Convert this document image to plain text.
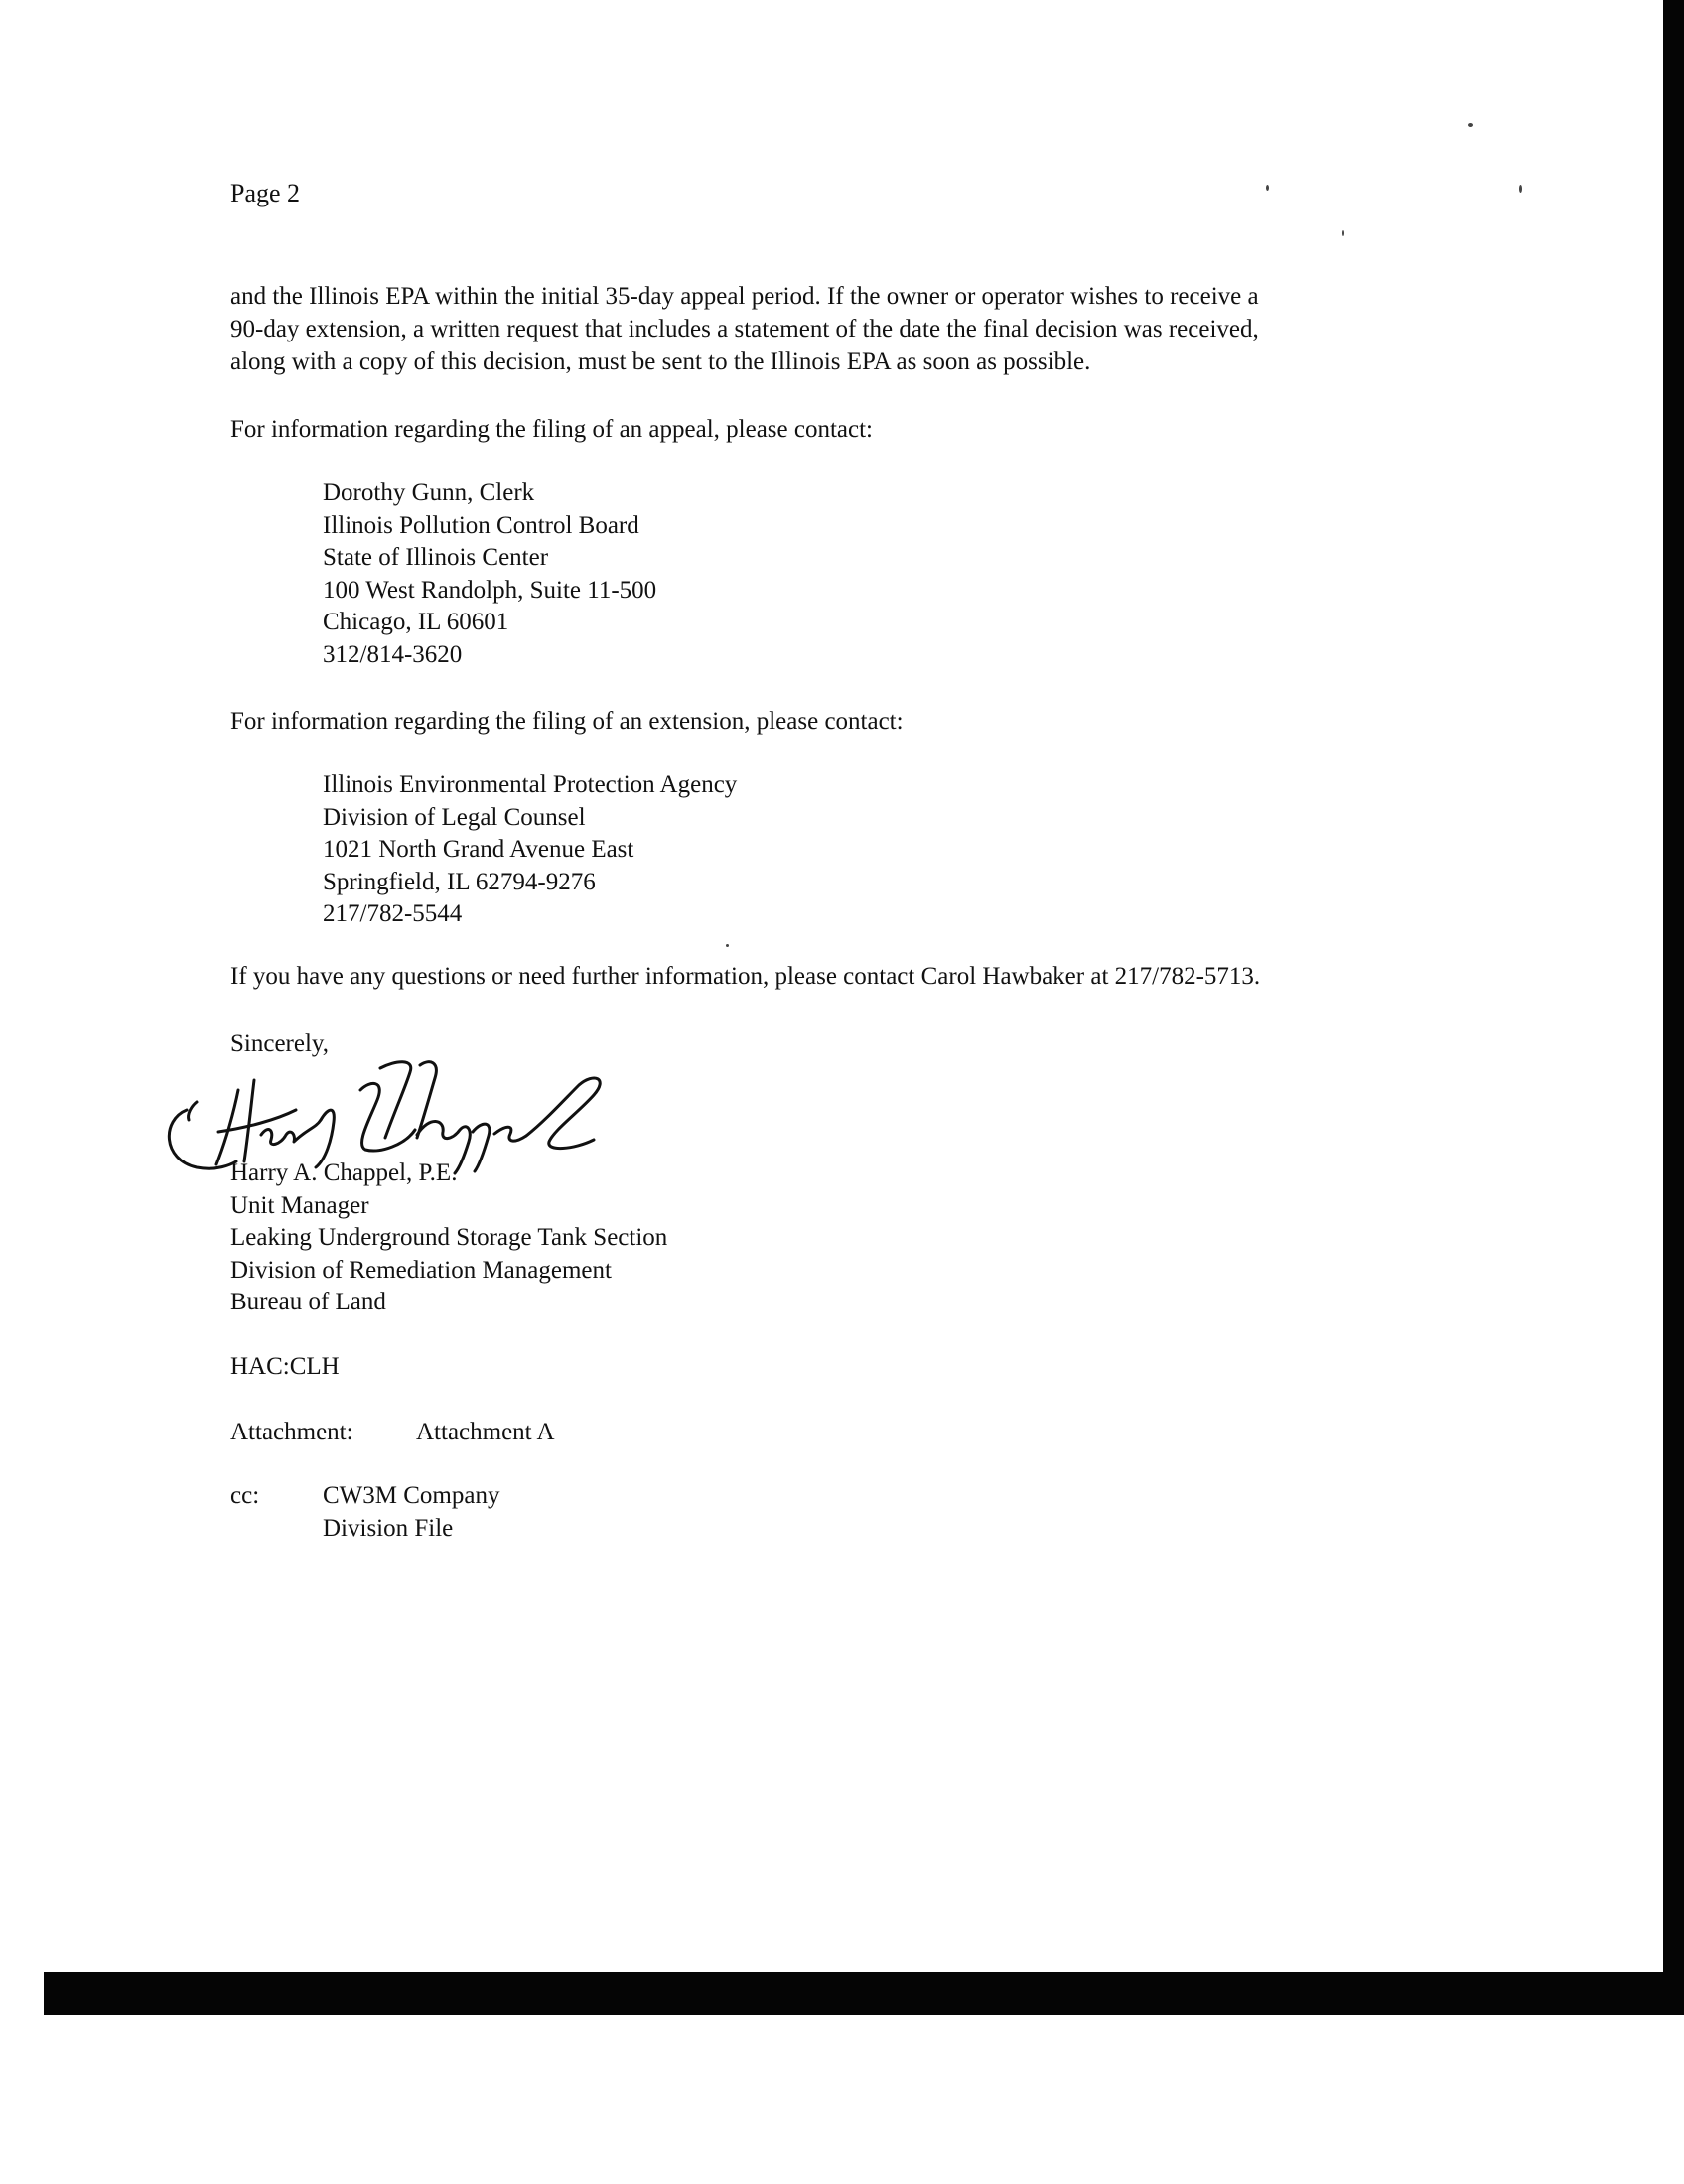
Page 2
and the Illinois EPA within the initial 35-day appeal period. If the owner or operator wishes to receive a
90-day extension, a written request that includes a statement of the date the final decision was received,
along with a copy of this decision, must be sent to the Illinois EPA as soon as possible.
For information regarding the filing of an appeal, please contact:
Dorothy Gunn, Clerk
Illinois Pollution Control Board
State of Illinois Center
100 West Randolph, Suite 11-500
Chicago, IL 60601
312/814-3620
For information regarding the filing of an extension, please contact:
Illinois Environmental Protection Agency
Division of Legal Counsel
1021 North Grand Avenue East
Springfield, IL 62794-9276
217/782-5544
If you have any questions or need further information, please contact Carol Hawbaker at 217/782-5713.
Sincerely,
Harry A. Chappel, P.E.
Unit Manager
Leaking Underground Storage Tank Section
Division of Remediation Management
Bureau of Land
HAC:CLH
Attachment:	Attachment A
cc:	CW3M Company
Division File
